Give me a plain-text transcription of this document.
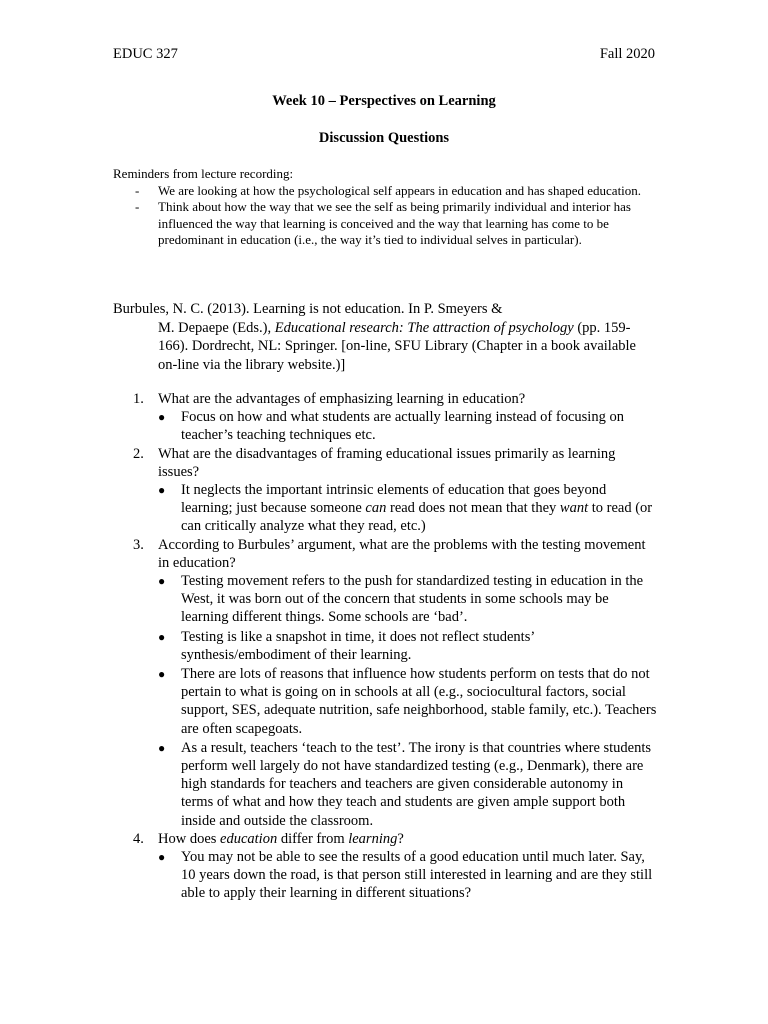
EDUC 327	Fall 2020
Week 10 – Perspectives on Learning
Discussion Questions
Reminders from lecture recording:
- We are looking at how the psychological self appears in education and has shaped education.
- Think about how the way that we see the self as being primarily individual and interior has influenced the way that learning is conceived and the way that learning has come to be predominant in education (i.e., the way it’s tied to individual selves in particular).
Burbules, N. C. (2013). Learning is not education. In P. Smeyers &
M. Depaepe (Eds.), Educational research: The attraction of psychology (pp. 159-166). Dordrecht, NL: Springer. [on-line, SFU Library (Chapter in a book available on-line via the library website.)]
1. What are the advantages of emphasizing learning in education?
● Focus on how and what students are actually learning instead of focusing on teacher’s teaching techniques etc.
2. What are the disadvantages of framing educational issues primarily as learning issues?
● It neglects the important intrinsic elements of education that goes beyond learning; just because someone can read does not mean that they want to read (or can critically analyze what they read, etc.)
3. According to Burbules’ argument, what are the problems with the testing movement in education?
● Testing movement refers to the push for standardized testing in education in the West, it was born out of the concern that students in some schools may be learning different things. Some schools are ‘bad’.
● Testing is like a snapshot in time, it does not reflect students’ synthesis/embodiment of their learning.
● There are lots of reasons that influence how students perform on tests that do not pertain to what is going on in schools at all (e.g., sociocultural factors, social support, SES, adequate nutrition, safe neighborhood, stable family, etc.). Teachers are often scapegoats.
● As a result, teachers ‘teach to the test’. The irony is that countries where students perform well largely do not have standardized testing (e.g., Denmark), there are high standards for teachers and teachers are given considerable autonomy in terms of what and how they teach and students are given ample support both inside and outside the classroom.
4. How does education differ from learning?
● You may not be able to see the results of a good education until much later. Say, 10 years down the road, is that person still interested in learning and are they still able to apply their learning in different situations?
